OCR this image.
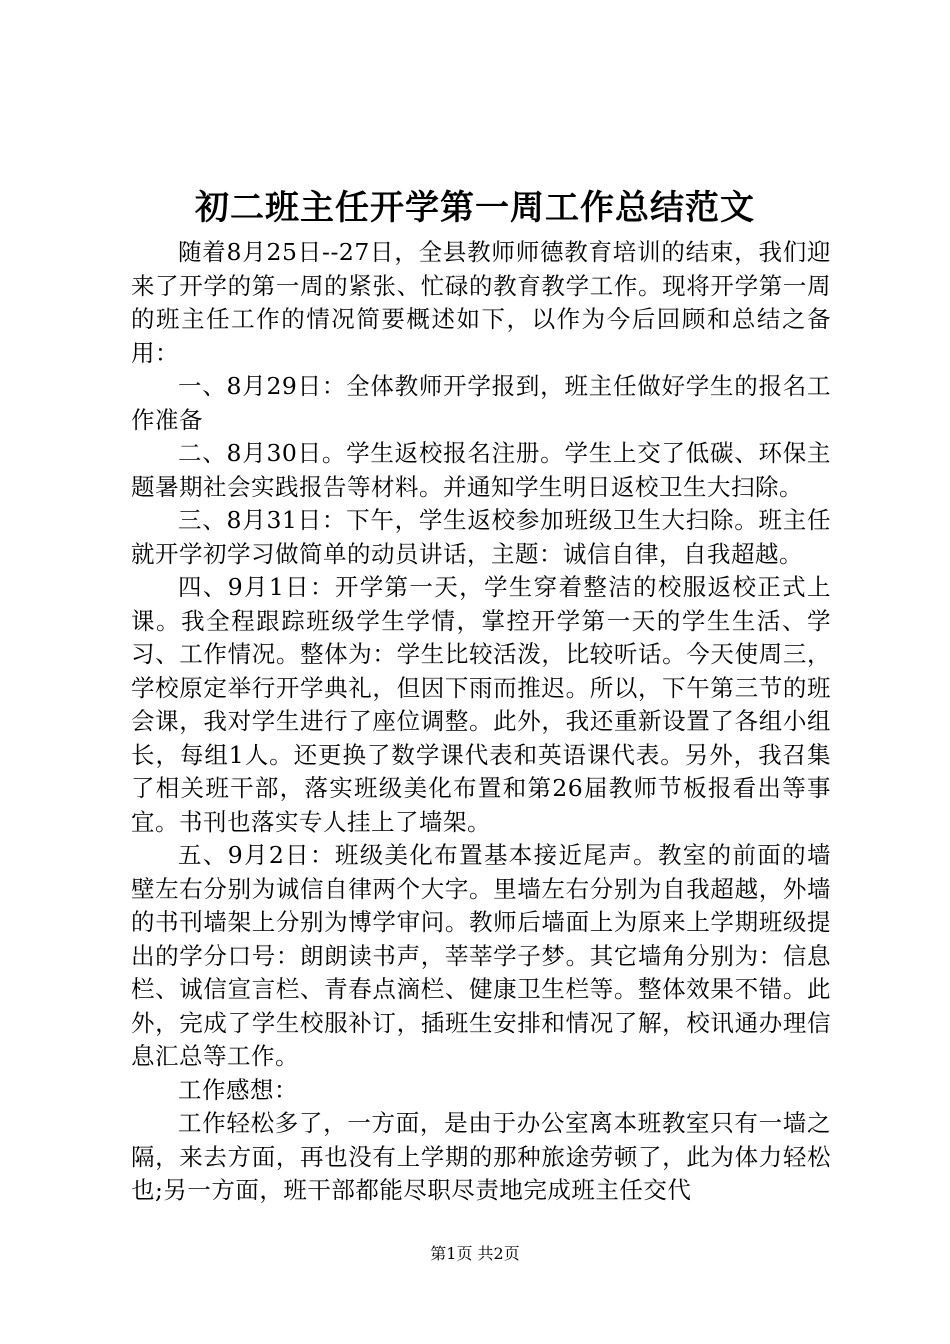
初二班主任开学第一周工作总结范文

随着8月25日--27日，全县教师师德教育培训的结束，我们迎来了开学的第一周的紧张、忙碌的教育教学工作。现将开学第一周的班主任工作的情况简要概述如下，以作为今后回顾和总结之备用：

一、8月29日：全体教师开学报到，班主任做好学生的报名工作准备

二、8月30日。学生返校报名注册。学生上交了低碳、环保主题暑期社会实践报告等材料。并通知学生明日返校卫生大扫除。

三、8月31日：下午，学生返校参加班级卫生大扫除。班主任就开学初学习做简单的动员讲话，主题：诚信自律，自我超越。

四、9月1日：开学第一天，学生穿着整洁的校服返校正式上课。我全程跟踪班级学生学情，掌控开学第一天的学生生活、学习、工作情况。整体为：学生比较活泼，比较听话。今天使周三，学校原定举行开学典礼，但因下雨而推迟。所以，下午第三节的班会课，我对学生进行了座位调整。此外，我还重新设置了各组小组长，每组1人。还更换了数学课代表和英语课代表。另外，我召集了相关班干部，落实班级美化布置和第26届教师节板报看出等事宜。书刊也落实专人挂上了墙架。

五、9月2日：班级美化布置基本接近尾声。教室的前面的墙壁左右分别为诚信自律两个大字。里墙左右分别为自我超越，外墙的书刊墙架上分别为博学审问。教师后墙面上为原来上学期班级提出的学分口号：朗朗读书声，莘莘学子梦。其它墙角分别为：信息栏、诚信宣言栏、青春点滴栏、健康卫生栏等。整体效果不错。此外，完成了学生校服补订，插班生安排和情况了解，校讯通办理信息汇总等工作。

工作感想：

工作轻松多了，一方面，是由于办公室离本班教室只有一墙之隔，来去方面，再也没有上学期的那种旅途劳顿了，此为体力轻松也;另一方面，班干部都能尽职尽责地完成班主任交代

第1页 共2页
